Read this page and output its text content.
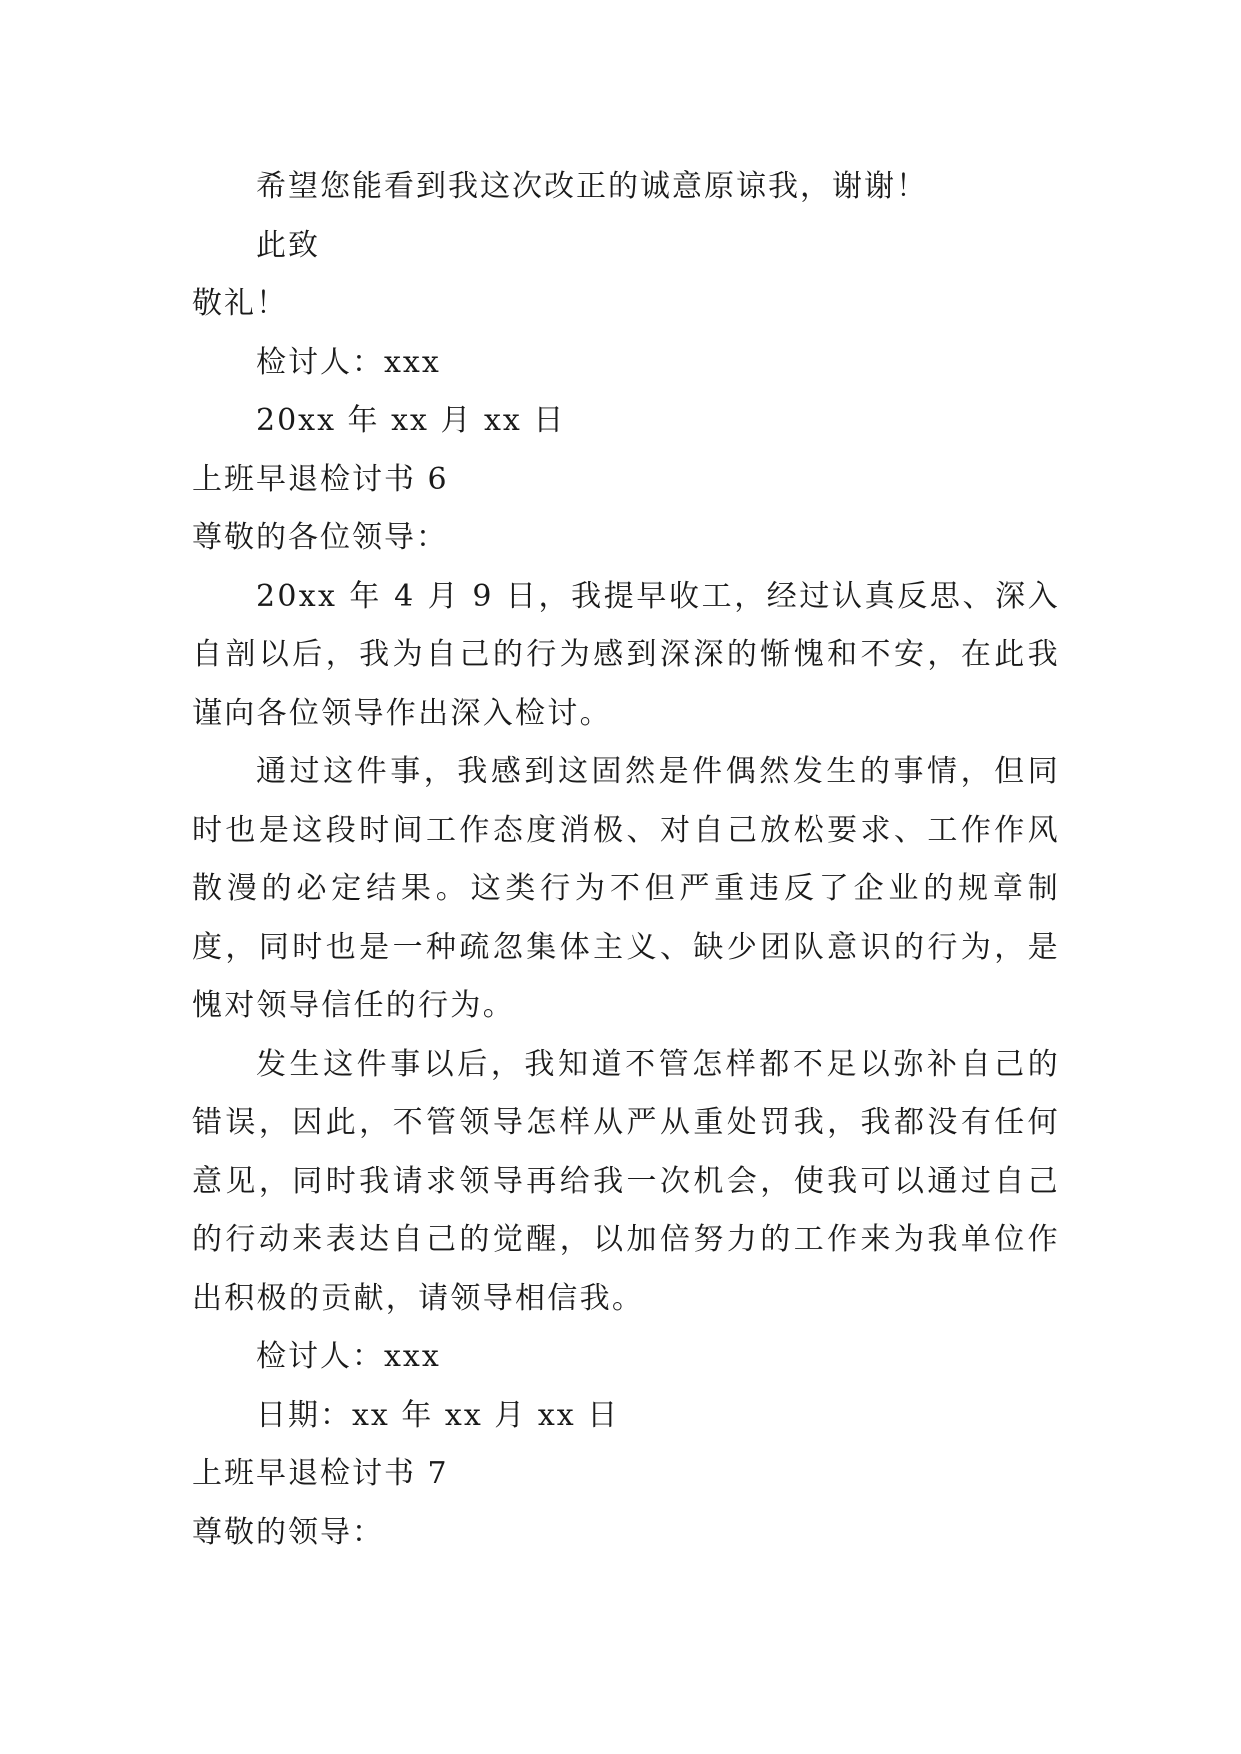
希望您能看到我这次改正的诚意原谅我，谢谢！
此致
敬礼！
检讨人：xxx
20xx 年 xx 月 xx 日
上班早退检讨书 6
尊敬的各位领导：

20xx 年 4 月 9 日，我提早收工，经过认真反思、深入自剖以后，我为自己的行为感到深深的惭愧和不安，在此我谨向各位领导作出深入检讨。

通过这件事，我感到这固然是件偶然发生的事情，但同时也是这段时间工作态度消极、对自己放松要求、工作作风散漫的必定结果。这类行为不但严重违反了企业的规章制度，同时也是一种疏忽集体主义、缺少团队意识的行为，是愧对领导信任的行为。

发生这件事以后，我知道不管怎样都不足以弥补自己的错误，因此，不管领导怎样从严从重处罚我，我都没有任何意见，同时我请求领导再给我一次机会，使我可以通过自己的行动来表达自己的觉醒，以加倍努力的工作来为我单位作出积极的贡献，请领导相信我。

检讨人：xxx
日期：xx 年 xx 月 xx 日
上班早退检讨书 7
尊敬的领导：
